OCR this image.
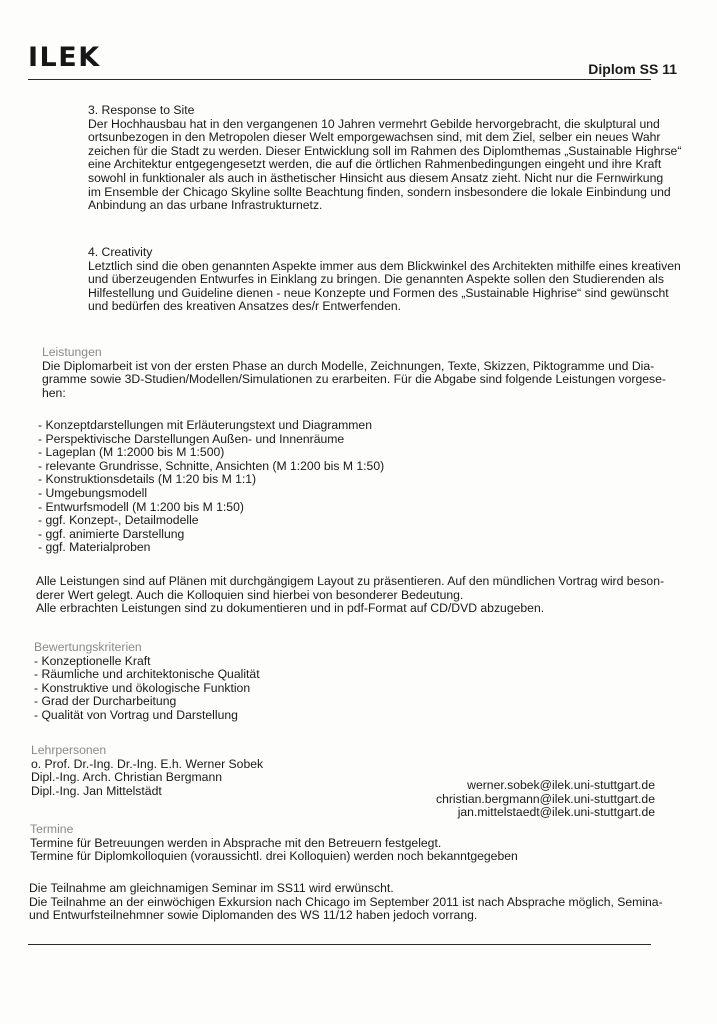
ILEK	Diplom SS 11
3. Response to Site
Der Hochhausbau hat in den vergangenen 10 Jahren vermehrt Gebilde hervorgebracht, die skulptural und
ortsunbezogen in den Metropolen dieser Welt emporgewachsen sind, mit dem Ziel, selber ein neues Wahr
zeichen für die Stadt zu werden. Dieser Entwicklung soll im Rahmen des Diplomthemas „Sustainable Highrse“
eine Architektur entgegengesetzt werden, die auf die örtlichen Rahmenbedingungen eingeht und ihre Kraft
sowohl in funktionaler als auch in ästhetischer Hinsicht aus diesem Ansatz zieht. Nicht nur die Fernwirkung
im Ensemble der Chicago Skyline sollte Beachtung finden, sondern insbesondere die lokale Einbindung und
Anbindung an das urbane Infrastrukturnetz.
4. Creativity
Letztlich sind die oben genannten Aspekte immer aus dem Blickwinkel des Architekten mithilfe eines kreativen
und überzeugenden Entwurfes in Einklang zu bringen. Die genannten Aspekte sollen den Studierenden als
Hilfestellung und Guideline dienen - neue Konzepte und Formen des „Sustainable Highrise“ sind gewünscht
und bedürfen des kreativen Ansatzes des/r Entwerfenden.
Leistungen
Die Diplomarbeit ist von der ersten Phase an durch Modelle, Zeichnungen, Texte, Skizzen, Piktogramme und Dia-
gramme sowie 3D-Studien/Modellen/Simulationen zu erarbeiten. Für die Abgabe sind folgende Leistungen vorgese-
hen:
- Konzeptdarstellungen mit Erläuterungstext und Diagrammen
- Perspektivische Darstellungen Außen- und Innenräume
- Lageplan (M 1:2000 bis M 1:500)
- relevante Grundrisse, Schnitte, Ansichten (M 1:200 bis M 1:50)
- Konstruktionsdetails (M 1:20 bis M 1:1)
- Umgebungsmodell
- Entwurfsmodell (M 1:200 bis M 1:50)
- ggf. Konzept-, Detailmodelle
- ggf. animierte Darstellung
- ggf. Materialproben
Alle Leistungen sind auf Plänen mit durchgängigem Layout zu präsentieren. Auf den mündlichen Vortrag wird beson-
derer Wert gelegt. Auch die Kolloquien sind hierbei von besonderer Bedeutung.
Alle erbrachten Leistungen sind zu dokumentieren und in pdf-Format auf CD/DVD abzugeben.
Bewertungskriterien
- Konzeptionelle Kraft
- Räumliche und architektonische Qualität
- Konstruktive und ökologische Funktion
- Grad der Durcharbeitung
- Qualität von Vortrag und Darstellung
Lehrpersonen
o. Prof. Dr.-Ing. Dr.-Ing. E.h. Werner Sobek
Dipl.-Ing. Arch. Christian Bergmann
Dipl.-Ing. Jan Mittelstädt	werner.sobek@ilek.uni-stuttgart.de
christian.bergmann@ilek.uni-stuttgart.de
jan.mittelstaedt@ilek.uni-stuttgart.de
Termine
Termine für Betreuungen werden in Absprache mit den Betreuern festgelegt.
Termine für Diplomkolloquien (voraussichtl. drei Kolloquien) werden noch bekanntgegeben
Die Teilnahme am gleichnamigen Seminar im SS11 wird erwünscht.
Die Teilnahme an der einwöchigen Exkursion nach Chicago im September 2011 ist nach Absprache möglich, Semina-
und Entwurfsteilnehmner sowie Diplomanden des WS 11/12 haben jedoch vorrang.
